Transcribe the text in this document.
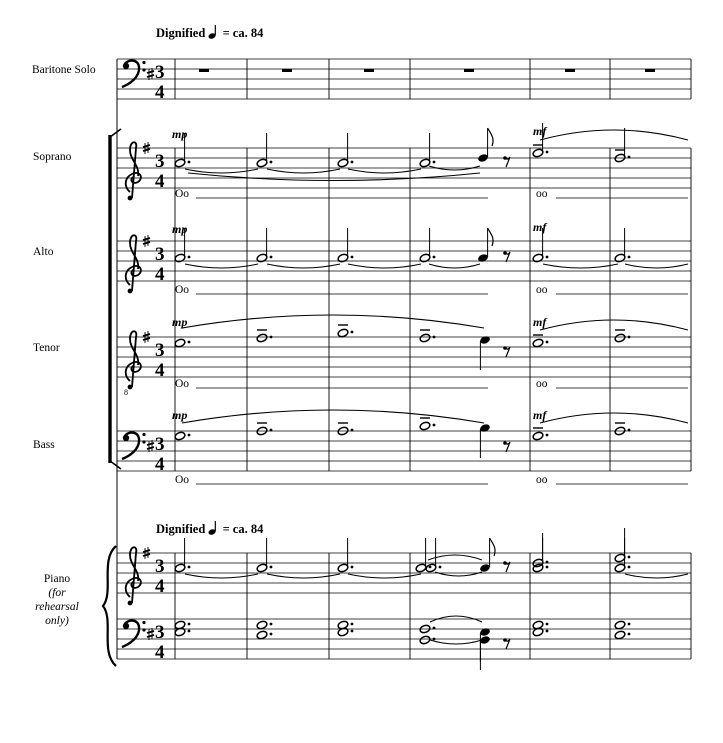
3
4
3
4
3
4
8
3
4
3
4
3
4
3
4
Dignified = ca. 84
Dignified = ca. 84
Baritone Solo
Soprano
Alto
Tenor
Bass
Piano
(for
rehearsal
only)
mp	mf
mp	mf
mp	mf
mp	mf
Oo	oo
Oo	oo
Oo	oo
Oo	oo
